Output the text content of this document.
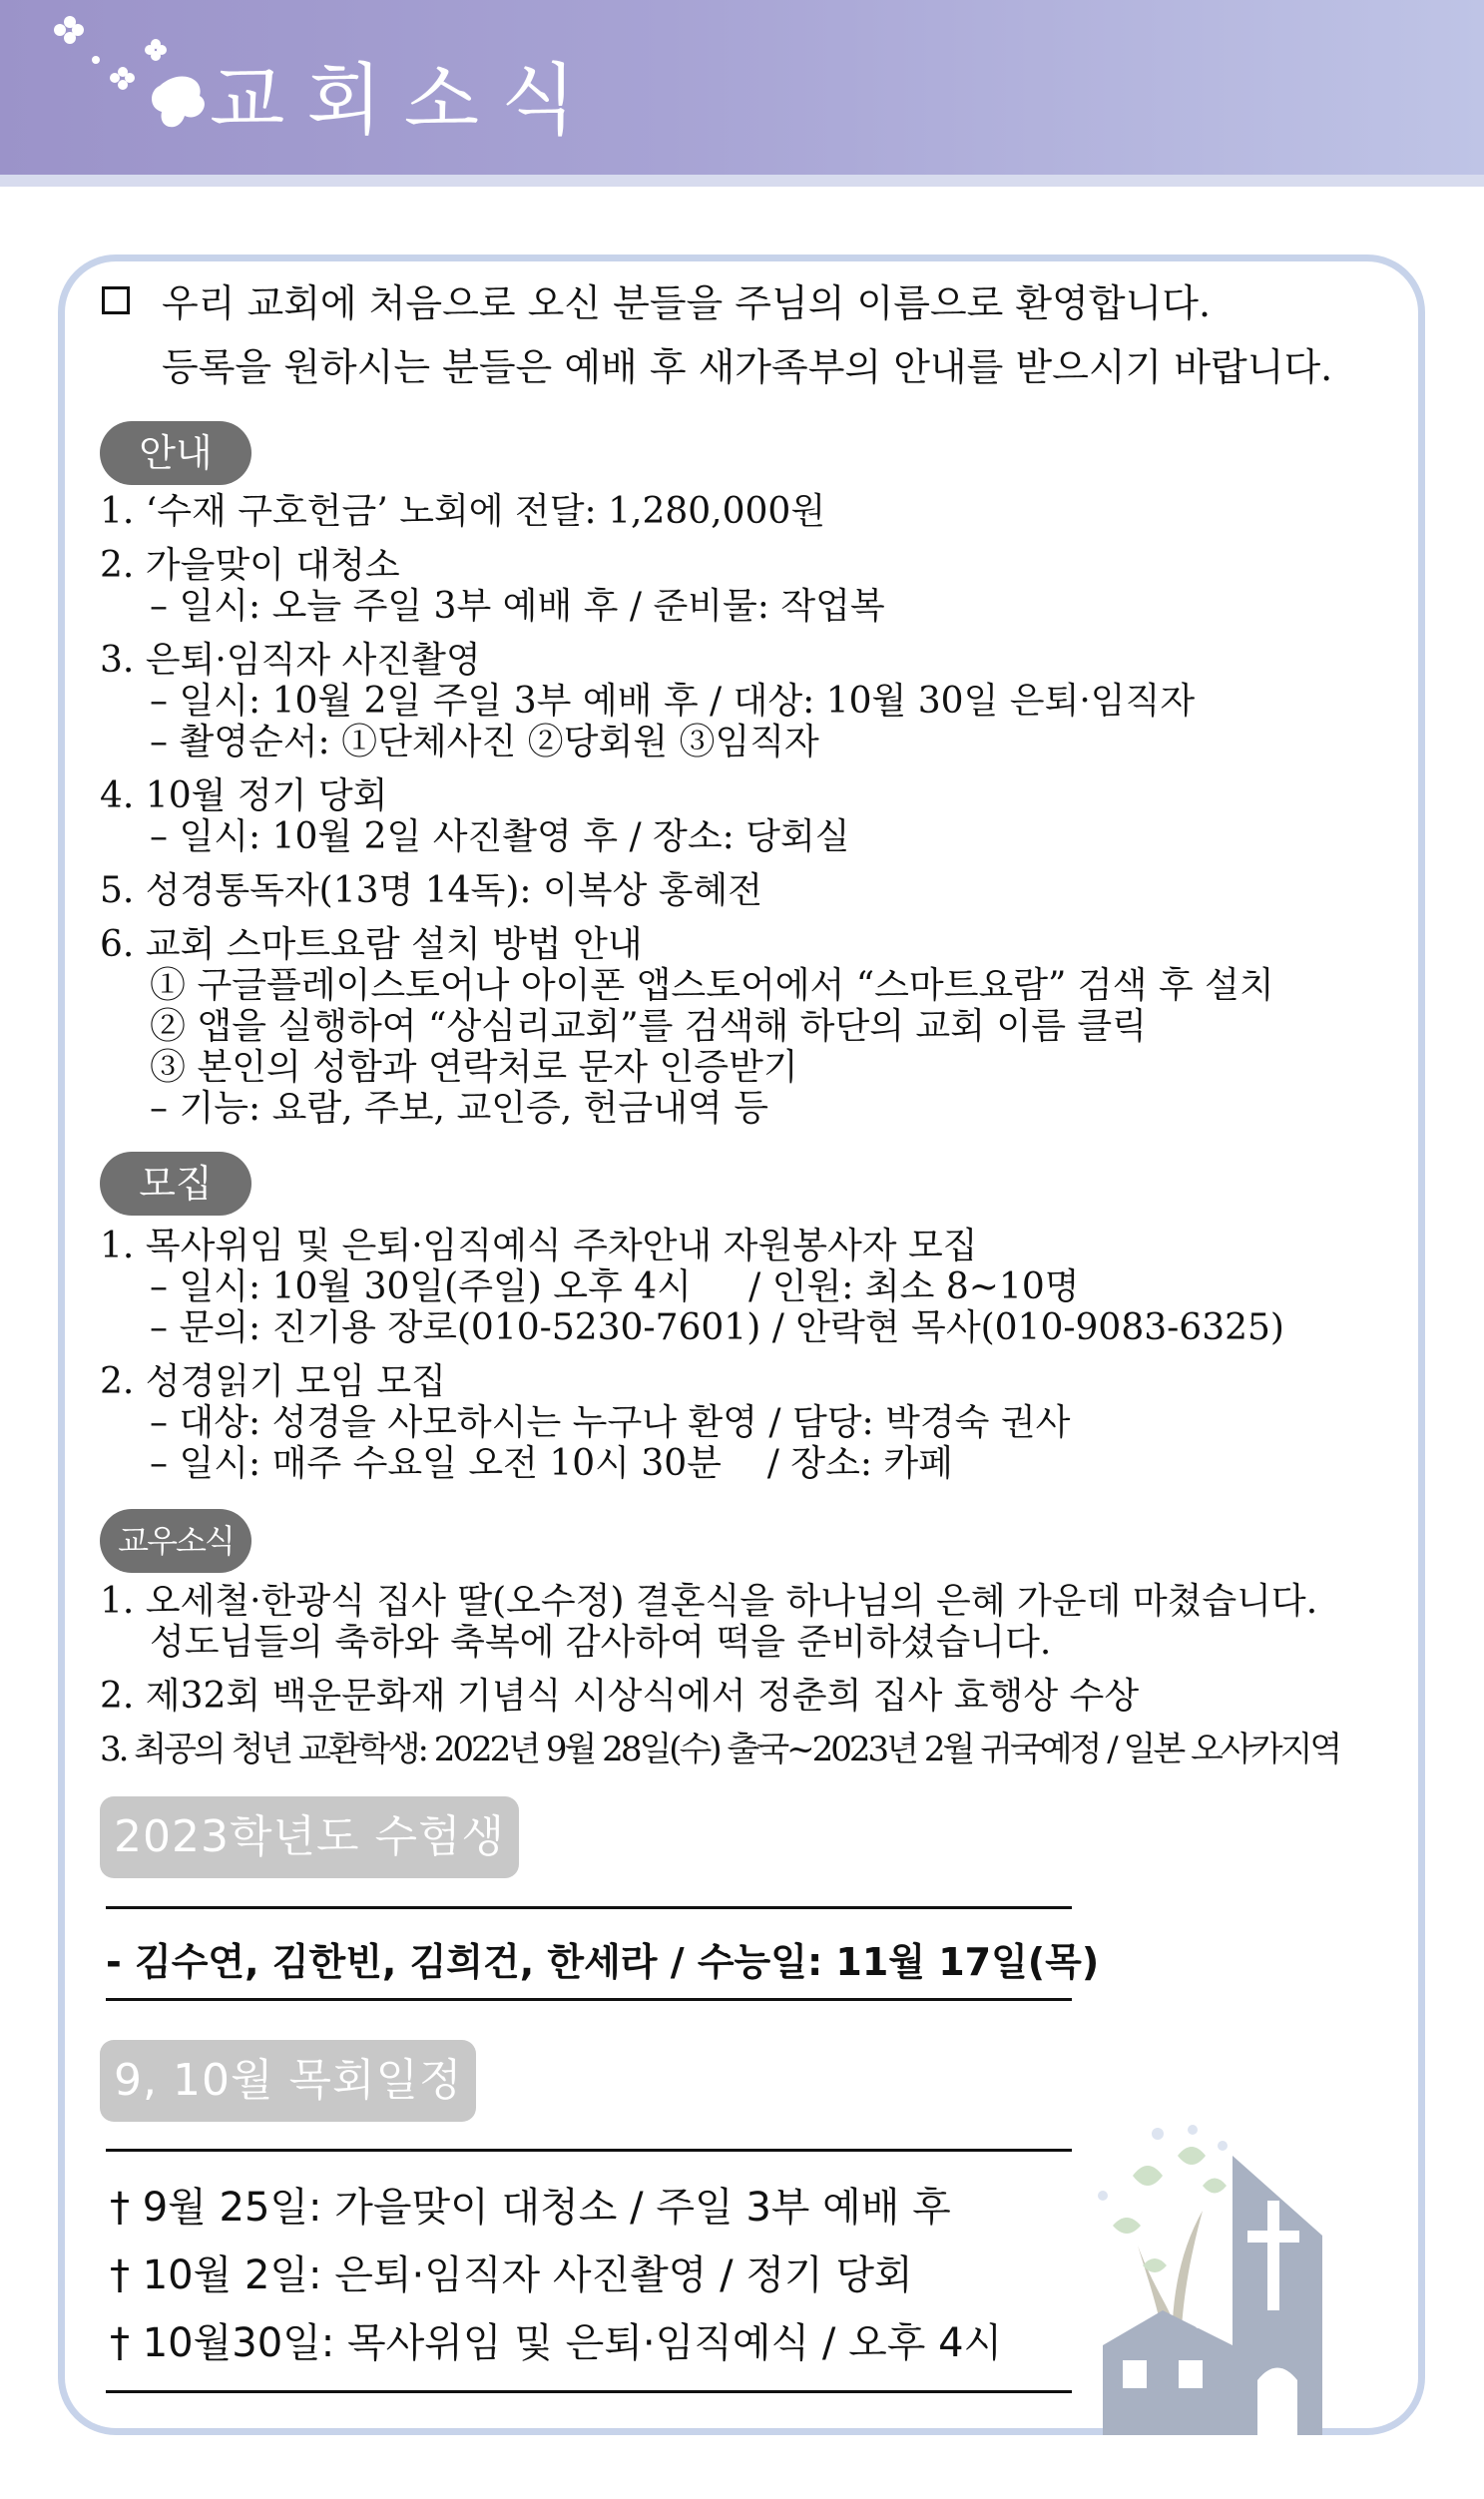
교회소식
우리 교회에 처음으로 오신 분들을 주님의 이름으로 환영합니다.
등록을 원하시는 분들은 예배 후 새가족부의 안내를 받으시기 바랍니다.
안내
1. ‘수재 구호헌금’ 노회에 전달: 1,280,000원
2. 가을맞이 대청소
– 일시: 오늘 주일 3부 예배 후 / 준비물: 작업복
3. 은퇴·임직자 사진촬영
– 일시: 10월 2일 주일 3부 예배 후 / 대상: 10월 30일 은퇴·임직자
– 촬영순서: ①단체사진 ②당회원 ③임직자
4. 10월 정기 당회
– 일시: 10월 2일 사진촬영 후 / 장소: 당회실
5. 성경통독자(13명 14독): 이복상 홍혜전
6. 교회 스마트요람 설치 방법 안내
① 구글플레이스토어나 아이폰 앱스토어에서 “스마트요람” 검색 후 설치
② 앱을 실행하여 “상심리교회”를 검색해 하단의 교회 이름 클릭
③ 본인의 성함과 연락처로 문자 인증받기
– 기능: 요람, 주보, 교인증, 헌금내역 등
모집
1. 목사위임 및 은퇴·임직예식 주차안내 자원봉사자 모집
– 일시: 10월 30일(주일) 오후 4시     / 인원: 최소 8~10명
– 문의: 진기용 장로(010-5230-7601) / 안락현 목사(010-9083-6325)
2. 성경읽기 모임 모집
– 대상: 성경을 사모하시는 누구나 환영 / 담당: 박경숙 권사
– 일시: 매주 수요일 오전 10시 30분    / 장소: 카페
교우소식
1. 오세철·한광식 집사 딸(오수정) 결혼식을 하나님의 은혜 가운데 마쳤습니다.
성도님들의 축하와 축복에 감사하여 떡을 준비하셨습니다.
2. 제32회 백운문화재 기념식 시상식에서 정춘희 집사 효행상 수상
3. 최공의 청년 교환학생: 2022년 9월 28일(수) 출국~2023년 2월 귀국예정 / 일본 오사카지역
2023학년도 수험생
- 김수연, 김한빈, 김희건, 한세라 / 수능일: 11월 17일(목)
9, 10월 목회일정
† 9월 25일: 가을맞이 대청소 / 주일 3부 예배 후
† 10월 2일: 은퇴·임직자 사진촬영 / 정기 당회
† 10월30일: 목사위임 및 은퇴·임직예식 / 오후 4시
